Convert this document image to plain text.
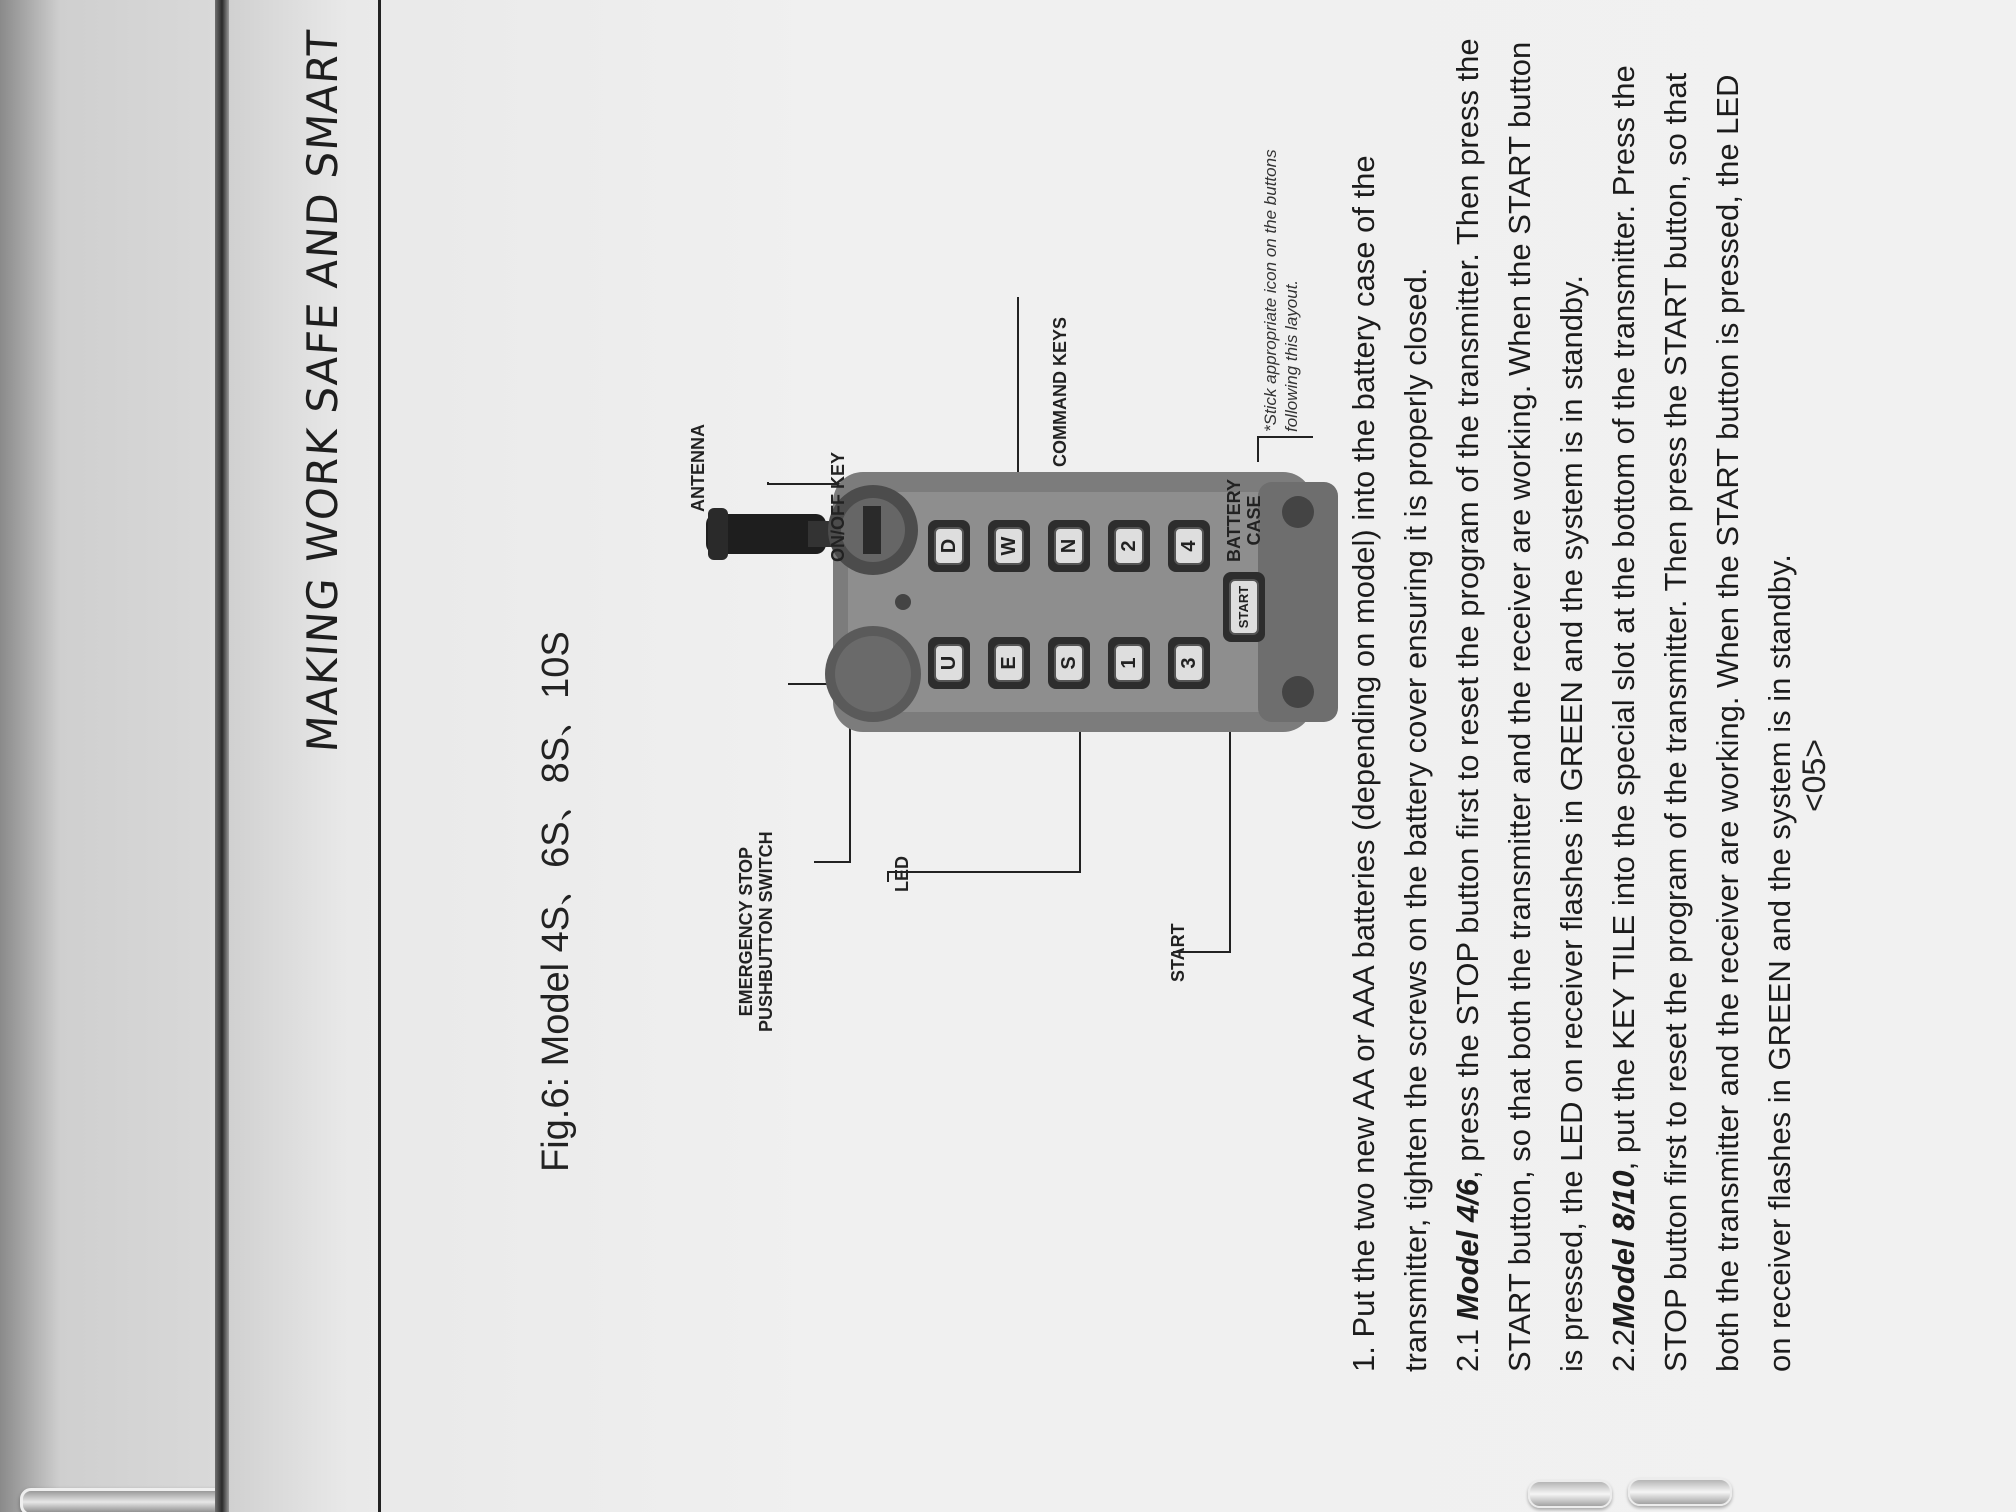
MAKING WORK SAFE AND SMART
Fig.6: Model 4S、6S、8S、10S	U
D
E
W
S
N
1
2
3
4
START
ANTENNA	ON/OFF KEY
COMMAND KEYS
BATTERY CASE
EMERGENCY STOP PUSHBUTTON SWITCH	LED
START
*Stick appropriate icon on the buttons following this layout. 1. Put the two new AA or AAA batteries (depending on model) into the battery case of the transmitter, tighten the screws on the battery cover ensuring it is properly closed. 2.1 Model 4/6, press the STOP button first to reset the program of the transmitter. Then press the START button, so that both the transmitter and the receiver are working. When the START button is pressed, the LED on receiver flashes in GREEN and the system is in standby. 2.2Model 8/10, put the KEY TILE into the special slot at the bottom of the transmitter. Press the STOP button first to reset the program of the transmitter. Then press the START button, so that both the transmitter and the receiver are working. When the START button is pressed, the LED on receiver flashes in GREEN and the system is in standby. <05>
